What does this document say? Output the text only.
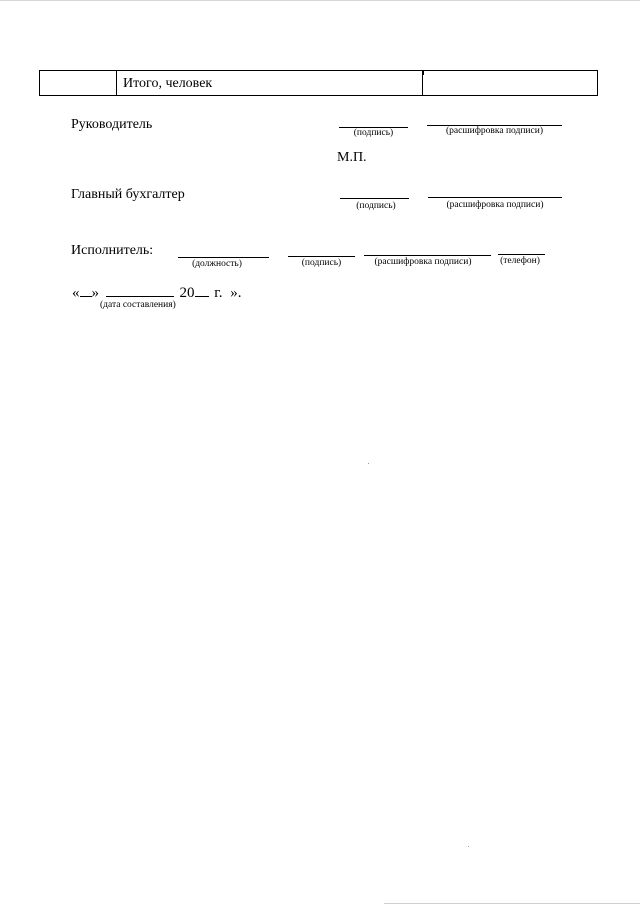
Итого, человек
Руководитель
(подпись)	(расшифровка подписи)
М.П.
Главный бухгалтер
(подпись)	(расшифровка подписи)
Исполнитель:
(должность)	(подпись)	(расшифровка подписи)	(телефон)
« »	20 г. ».
(дата составления)
